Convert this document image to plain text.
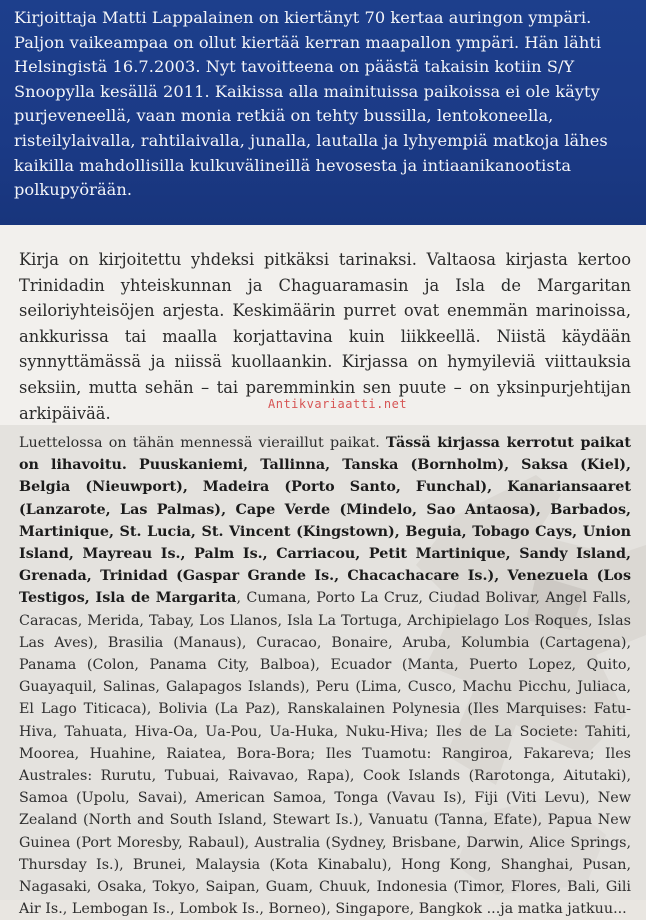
Kirjoittaja Matti Lappalainen on kiertänyt 70 kertaa auringon ympäri. Paljon vaikeampaa on ollut kiertää kerran maapallon ympäri. Hän lähti Helsingistä 16.7.2003. Nyt tavoitteena on päästä takaisin kotiin S/Y Snoopylla kesällä 2011. Kaikissa alla mainituissa paikoissa ei ole käyty purjeveneellä, vaan monia retkiä on tehty bussilla, lentokoneella, risteilylaivalla, rahtilaivalla, junalla, lautalla ja lyhyempiä matkoja lähes kaikilla mahdollisilla kulkuvälineillä hevosesta ja intiaanikanootista polkupyörään.

Kirja on kirjoitettu yhdeksi pitkäksi tarinaksi. Valtaosa kirjasta kertoo Trinidadin yhteiskunnan ja Chaguaramasin ja Isla de Margaritan seiloriyhteisöjen arjesta. Keskimäärin purret ovat enemmän marinoissa, ankkurissa tai maalla korjattavina kuin liikkeellä. Niistä käydään synnyttämässä ja niissä kuollaankin. Kirjassa on hymyileviä viittauksia seksiin, mutta sehän – tai paremminkin sen puute – on yksinpurjehtijan arkipäivää.	Antikvariaatti.net

Luettelossa on tähän mennessä vieraillut paikat. Tässä kirjassa kerrotut paikat on lihavoitu. Puuskaniemi, Tallinna, Tanska (Bornholm), Saksa (Kiel), Belgia (Nieuwport), Madeira (Porto Santo, Funchal), Kanariansaaret (Lanzarote, Las Palmas), Cape Verde (Mindelo, Sao Antaosa), Barbados, Martinique, St. Lucia, St. Vincent (Kingstown), Beguia, Tobago Cays, Union Island, Mayreau Is., Palm Is., Carriacou, Petit Martinique, Sandy Island, Grenada, Trinidad (Gaspar Grande Is., Chacachacare Is.), Venezuela (Los Testigos, Isla de Margarita, Cumana, Porto La Cruz, Ciudad Bolivar, Angel Falls, Caracas, Merida, Tabay, Los Llanos, Isla La Tortuga, Archipielago Los Roques, Islas Las Aves), Brasilia (Manaus), Curacao, Bonaire, Aruba, Kolumbia (Cartagena), Panama (Colon, Panama City, Balboa), Ecuador (Manta, Puerto Lopez, Quito, Guayaquil, Salinas, Galapagos Islands), Peru (Lima, Cusco, Machu Picchu, Juliaca, El Lago Titicaca), Bolivia (La Paz), Ranskalainen Polynesia (Iles Marquises: Fatu-Hiva, Tahuata, Hiva-Oa, Ua-Pou, Ua-Huka, Nuku-Hiva; Iles de La Societe: Tahiti, Moorea, Huahine, Raiatea, Bora-Bora; Iles Tuamotu: Rangiroa, Fakareva; Iles Australes: Rurutu, Tubuai, Raivavao, Rapa), Cook Islands (Rarotonga, Aitutaki), Samoa (Upolu, Savai), American Samoa, Tonga (Vavau Is), Fiji (Viti Levu), New Zealand (North and South Island, Stewart Is.), Vanuatu (Tanna, Efate), Papua New Guinea (Port Moresby, Rabaul), Australia (Sydney, Brisbane, Darwin, Alice Springs, Thursday Is.), Brunei, Malaysia (Kota Kinabalu), Hong Kong, Shanghai, Pusan, Nagasaki, Osaka, Tokyo, Saipan, Guam, Chuuk, Indonesia (Timor, Flores, Bali, Gili Air Is., Lembogan Is., Lombok Is., Borneo), Singapore, Bangkok ...ja matka jatkuu...
